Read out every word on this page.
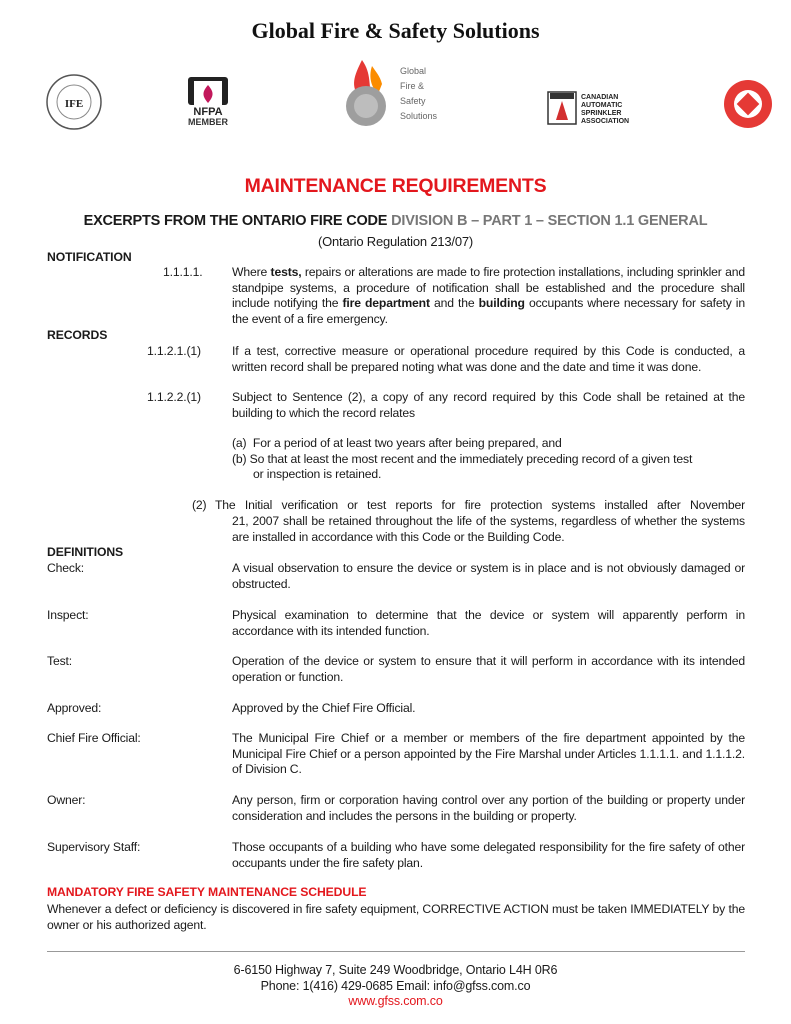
Global Fire & Safety Solutions
IFE
NFPA
MEMBER
Global
Fire &
Safety
Solutions
CANADIAN
AUTOMATIC
SPRINKLER
ASSOCIATION
MAINTENANCE REQUIREMENTS
EXCERPTS FROM THE ONTARIO FIRE CODE DIVISION B – PART 1 – SECTION 1.1 GENERAL
(Ontario Regulation 213/07)
NOTIFICATION
1.1.1.1. Where tests, repairs or alterations are made to fire protection installations, including sprinkler and standpipe systems, a procedure of notification shall be established and the procedure shall include notifying the fire department and the building occupants where necessary for safety in the event of a fire emergency.
RECORDS
1.1.2.1.(1)	If a test, corrective measure or operational procedure required by this Code is conducted, a written record shall be prepared noting what was done and the date and time it was done.
1.1.2.2.(1)	Subject to Sentence (2), a copy of any record required by this Code shall be retained at the building to which the record relates
(a)  For a period of at least two years after being prepared, and
(b) So that at least the most recent and the immediately preceding record of a given test
or inspection is retained.
(2) The Initial verification or test reports for fire protection systems installed after November
21, 2007 shall be retained throughout the life of the systems, regardless of whether the systems are installed in accordance with this Code or the Building Code.
DEFINITIONS
Check:	A visual observation to ensure the device or system is in place and is not obviously damaged or obstructed.
Inspect:	Physical examination to determine that the device or system will apparently perform in accordance with its intended function.
Test:	Operation of the device or system to ensure that it will perform in accordance with its intended operation or function.
Approved:	Approved by the Chief Fire Official.
Chief Fire Official:	The Municipal Fire Chief or a member or members of the fire department appointed by the Municipal Fire Chief or a person appointed by the Fire Marshal under Articles 1.1.1.1. and 1.1.1.2. of Division C.
Owner:	Any person, firm or corporation having control over any portion of the building or property under consideration and includes the persons in the building or property.
Supervisory Staff:	Those occupants of a building who have some delegated responsibility for the fire safety of other occupants under the fire safety plan.
MANDATORY FIRE SAFETY MAINTENANCE SCHEDULE
Whenever a defect or deficiency is discovered in fire safety equipment, CORRECTIVE ACTION must be taken IMMEDIATELY by the owner or his authorized agent.
6-6150 Highway 7, Suite 249 Woodbridge, Ontario L4H 0R6
Phone: 1(416) 429-0685 Email: info@gfss.com.co
www.gfss.com.co
